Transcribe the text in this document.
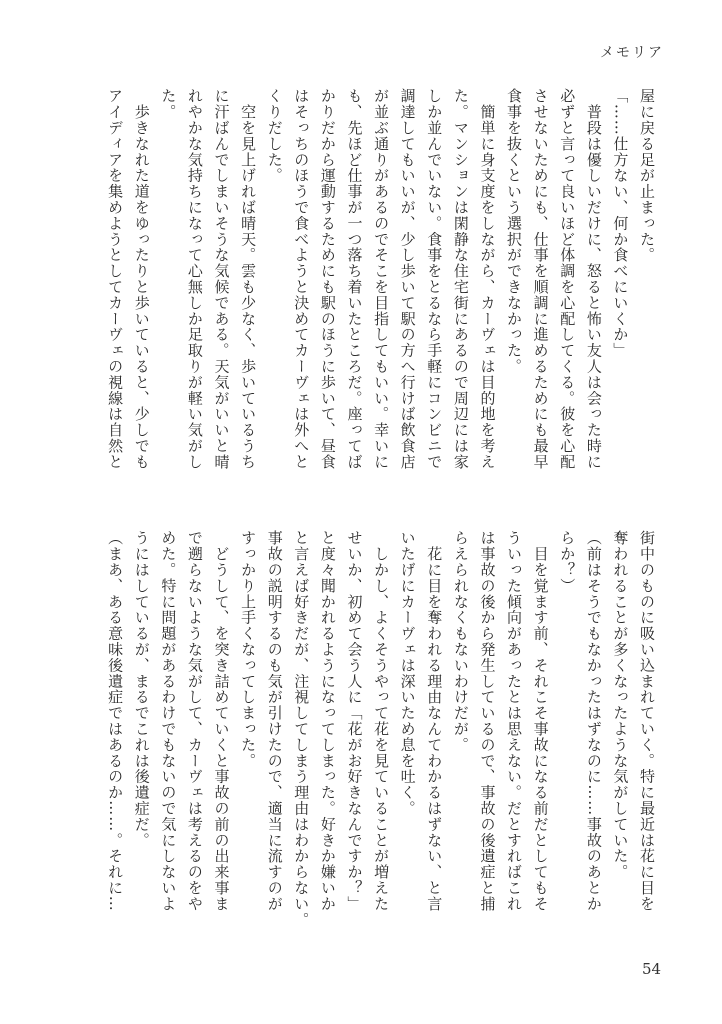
メモリア
屋に戻る足が止まった。
「……仕方ない、何か食べにいくか」
　普段は優しいだけに、怒ると怖い友人は会った時に
必ずと言って良いほど体調を心配してくる。彼を心配
させないためにも、仕事を順調に進めるためにも最早
食事を抜くという選択ができなかった。
　簡単に身支度をしながら、カーヴェは目的地を考え
た。マンションは閑静な住宅街にあるので周辺には家
しか並んでいない。食事をとるなら手軽にコンビニで
調達してもいいが、少し歩いて駅の方へ行けば飲食店
が並ぶ通りがあるのでそこを目指してもいい。幸いに
も、先ほど仕事が一つ落ち着いたところだ。座ってば
かりだから運動するためにも駅のほうに歩いて、昼食
はそっちのほうで食べようと決めてカーヴェは外へと
くりだした。
　空を見上げれば晴天。雲も少なく、歩いているうち
に汗ばんでしまいそうな気候である。天気がいいと晴
れやかな気持ちになって心無しか足取りが軽い気がし
た。
　歩きなれた道をゆったりと歩いていると、少しでも
アイディアを集めようとしてカーヴェの視線は自然と
街中のものに吸い込まれていく。特に最近は花に目を
奪われることが多くなったような気がしていた。
（前はそうでもなかったはずなのに……事故のあとか
らか？）
　目を覚ます前、それこそ事故になる前だとしてもそ
ういった傾向があったとは思えない。だとすればこれ
は事故の後から発生しているので、事故の後遺症と捕
らえられなくもないわけだが。
　花に目を奪われる理由なんてわかるはずない、と言
いたげにカーヴェは深いため息を吐く。
　しかし、よくそうやって花を見ていることが増えた
せいか、初めて会う人に「花がお好きなんですか？」
と度々聞かれるようになってしまった。好きか嫌いか
と言えば好きだが、注視してしまう理由はわからない。
事故の説明するのも気が引けたので、適当に流すのが
すっかり上手くなってしまった。
　どうして、を突き詰めていくと事故の前の出来事ま
で遡らないような気がして、カーヴェは考えるのをや
めた。特に問題があるわけでもないので気にしないよ
うにはしているが、まるでこれは後遺症だ。
（まあ、ある意味後遺症ではあるのか……。それに…
54
